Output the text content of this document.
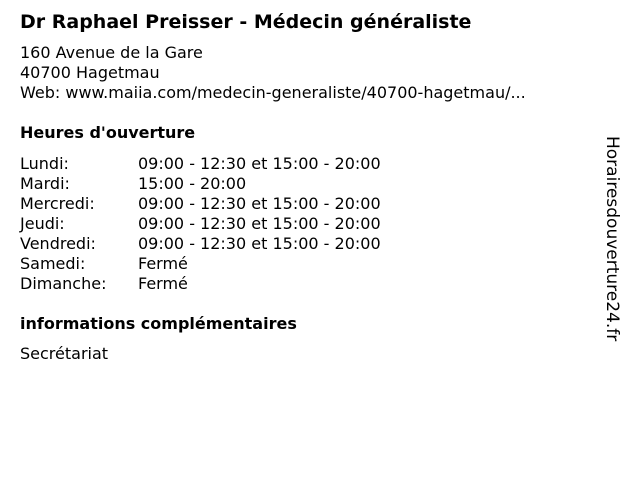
Dr Raphael Preisser - Médecin généraliste
160 Avenue de la Gare
40700 Hagetmau
Web: www.maiia.com/medecin-generaliste/40700-hagetmau/...
Heures d'ouverture
Lundi:	09:00 - 12:30 et 15:00 - 20:00
Mardi:	15:00 - 20:00
Mercredi:	09:00 - 12:30 et 15:00 - 20:00
Jeudi:	09:00 - 12:30 et 15:00 - 20:00
Vendredi:	09:00 - 12:30 et 15:00 - 20:00
Samedi:	Fermé
Dimanche:	Fermé
informations complémentaires
Secrétariat
Horairesdouverture24.fr
